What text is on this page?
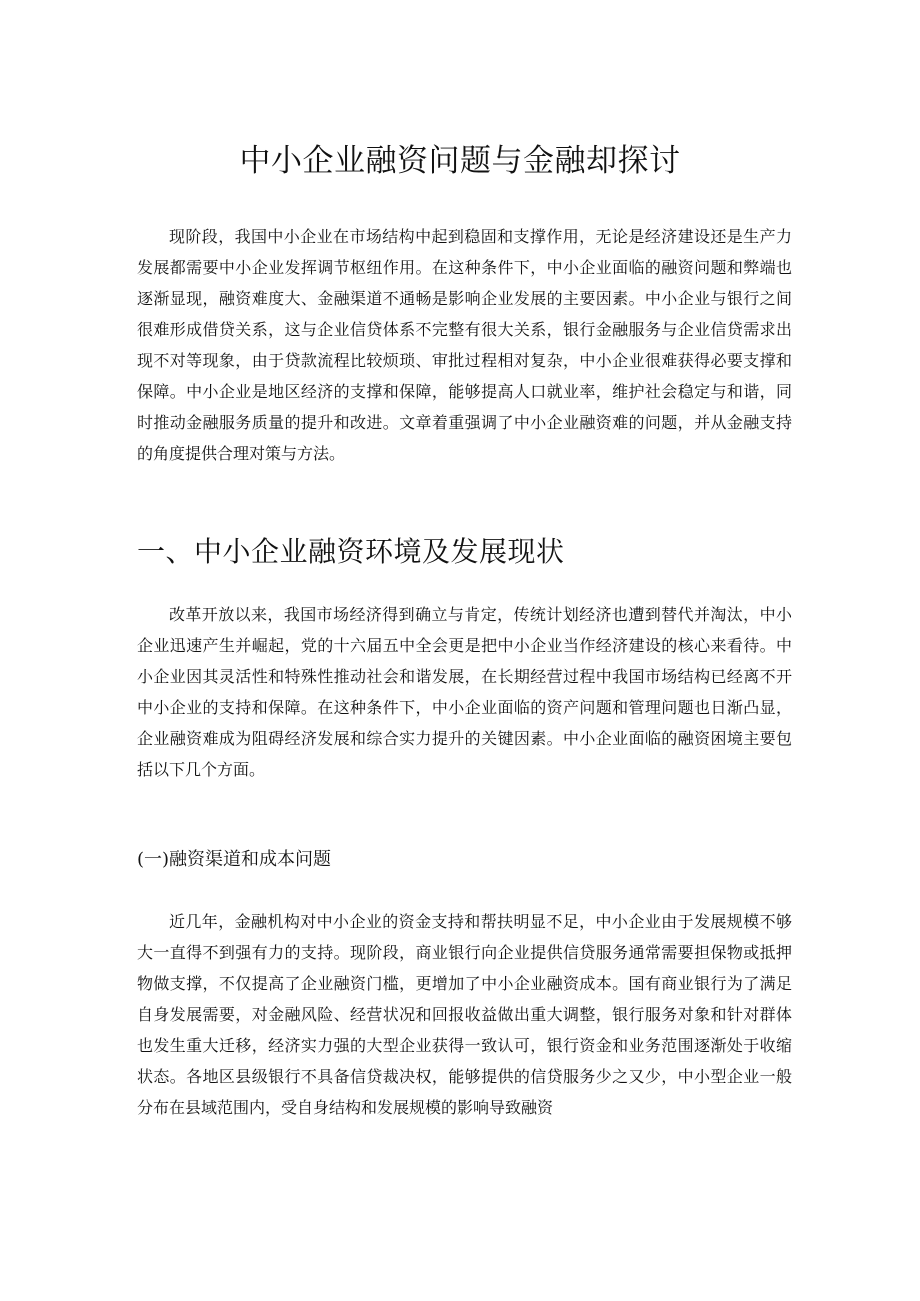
中小企业融资问题与金融却探讨

现阶段，我国中小企业在市场结构中起到稳固和支撑作用，无论是经济建设还是生产力发展都需要中小企业发挥调节枢纽作用。在这种条件下，中小企业面临的融资问题和弊端也逐渐显现，融资难度大、金融渠道不通畅是影响企业发展的主要因素。中小企业与银行之间很难形成借贷关系，这与企业信贷体系不完整有很大关系，银行金融服务与企业信贷需求出现不对等现象，由于贷款流程比较烦琐、审批过程相对复杂，中小企业很难获得必要支撑和保障。中小企业是地区经济的支撑和保障，能够提高人口就业率，维护社会稳定与和谐，同时推动金融服务质量的提升和改进。文章着重强调了中小企业融资难的问题，并从金融支持的角度提供合理对策与方法。

一、中小企业融资环境及发展现状

改革开放以来，我国市场经济得到确立与肯定，传统计划经济也遭到替代并淘汰，中小企业迅速产生并崛起，党的十六届五中全会更是把中小企业当作经济建设的核心来看待。中小企业因其灵活性和特殊性推动社会和谐发展，在长期经营过程中我国市场结构已经离不开中小企业的支持和保障。在这种条件下，中小企业面临的资产问题和管理问题也日渐凸显，企业融资难成为阻碍经济发展和综合实力提升的关键因素。中小企业面临的融资困境主要包括以下几个方面。

(一)融资渠道和成本问题

近几年，金融机构对中小企业的资金支持和帮扶明显不足，中小企业由于发展规模不够大一直得不到强有力的支持。现阶段，商业银行向企业提供信贷服务通常需要担保物或抵押物做支撑，不仅提高了企业融资门槛，更增加了中小企业融资成本。国有商业银行为了满足自身发展需要，对金融风险、经营状况和回报收益做出重大调整，银行服务对象和针对群体也发生重大迁移，经济实力强的大型企业获得一致认可，银行资金和业务范围逐渐处于收缩状态。各地区县级银行不具备信贷裁决权，能够提供的信贷服务少之又少，中小型企业一般分布在县域范围内，受自身结构和发展规模的影响导致融资
